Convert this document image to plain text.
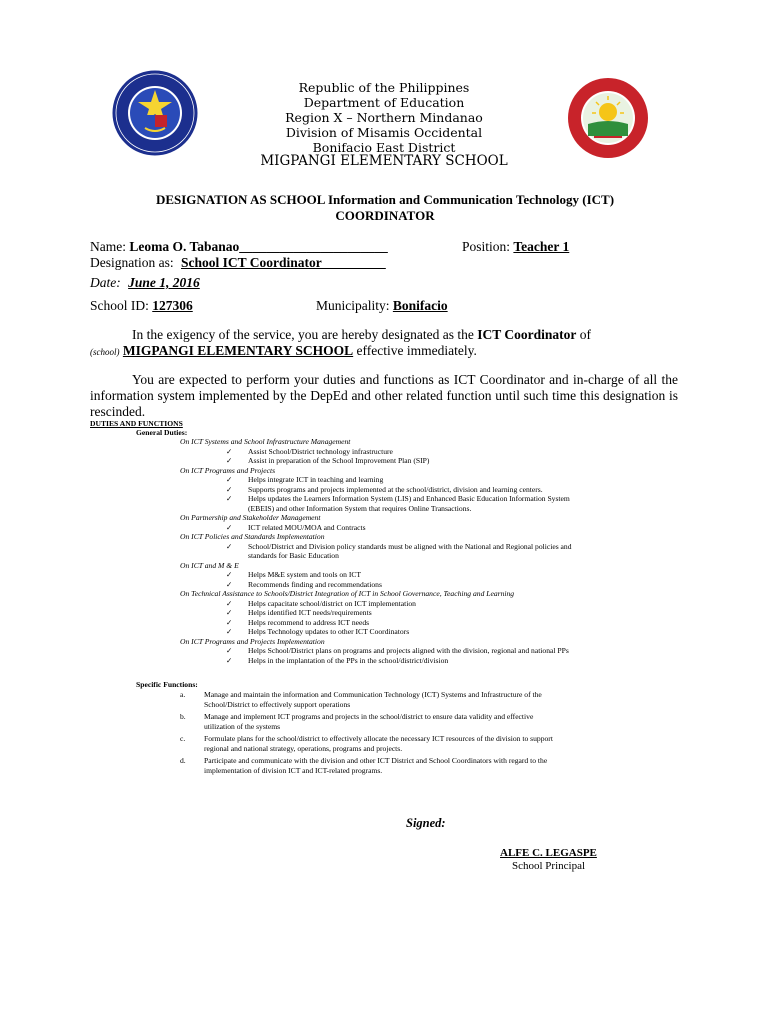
Republic of the Philippines
Department of Education
Region X – Northern Mindanao
Division of Misamis Occidental
Bonifacio East District
MIGPANGI ELEMENTARY SCHOOL
DESIGNATION AS SCHOOL Information and Communication Technology (ICT)
COORDINATOR
Name: Leoma O. Tabanao______________________	Position: Teacher 1
Designation as: School ICT Coordinator _________
Date: June 1, 2016
School ID: 127306	Municipality: Bonifacio
In the exigency of the service, you are hereby designated as the ICT Coordinator of
(school) MIGPANGI ELEMENTARY SCHOOL effective immediately.
You are expected to perform your duties and functions as ICT Coordinator and in-charge of all the information system implemented by the DepEd and other related function until such time this designation is rescinded.
DUTIES AND FUNCTIONS
General Duties:
On ICT Systems and School Infrastructure Management
✓ Assist School/District technology infrastructure
✓ Assist in preparation of the School Improvement Plan (SIP)
On ICT Programs and Projects
✓ Helps integrate ICT in teaching and learning
✓ Supports programs and projects implemented at the school/district, division and learning centers.
✓ Helps updates the Learners Information System (LIS) and Enhanced Basic Education Information System
(EBEIS) and other Information System that requires Online Transactions.
On Partnership and Stakeholder Management
✓ ICT related MOU/MOA and Contracts
On ICT Policies and Standards Implementation
✓ School/District and Division policy standards must be aligned with the National and Regional policies and
standards for Basic Education
On ICT and M & E
✓ Helps M&E system and tools on ICT
✓ Recommends finding and recommendations
On Technical Assistance to Schools/District Integration of ICT in School Governance, Teaching and Learning
✓ Helps capacitate school/district on ICT implementation
✓ Helps identified ICT needs/requirements
✓ Helps recommend to address ICT needs
✓ Helps Technology updates to other ICT Coordinators
On ICT Programs and Projects Implementation
✓ Helps School/District plans on programs and projects aligned with the division, regional and national PPs
✓ Helps in the implantation of the PPs in the school/district/division
Specific Functions:
a. Manage and maintain the information and Communication Technology (ICT) Systems and Infrastructure of the
School/District to effectively support operations
b. Manage and implement ICT programs and projects in the school/district to ensure data validity and effective
utilization of the systems
c. Formulate plans for the school/district to effectively allocate the necessary ICT resources of the division to support
regional and national strategy, operations, programs and projects.
d. Participate and communicate with the division and other ICT District and School Coordinators with regard to the
implementation of division ICT and ICT-related programs.
Signed:
ALFE C. LEGASPE
School Principal
